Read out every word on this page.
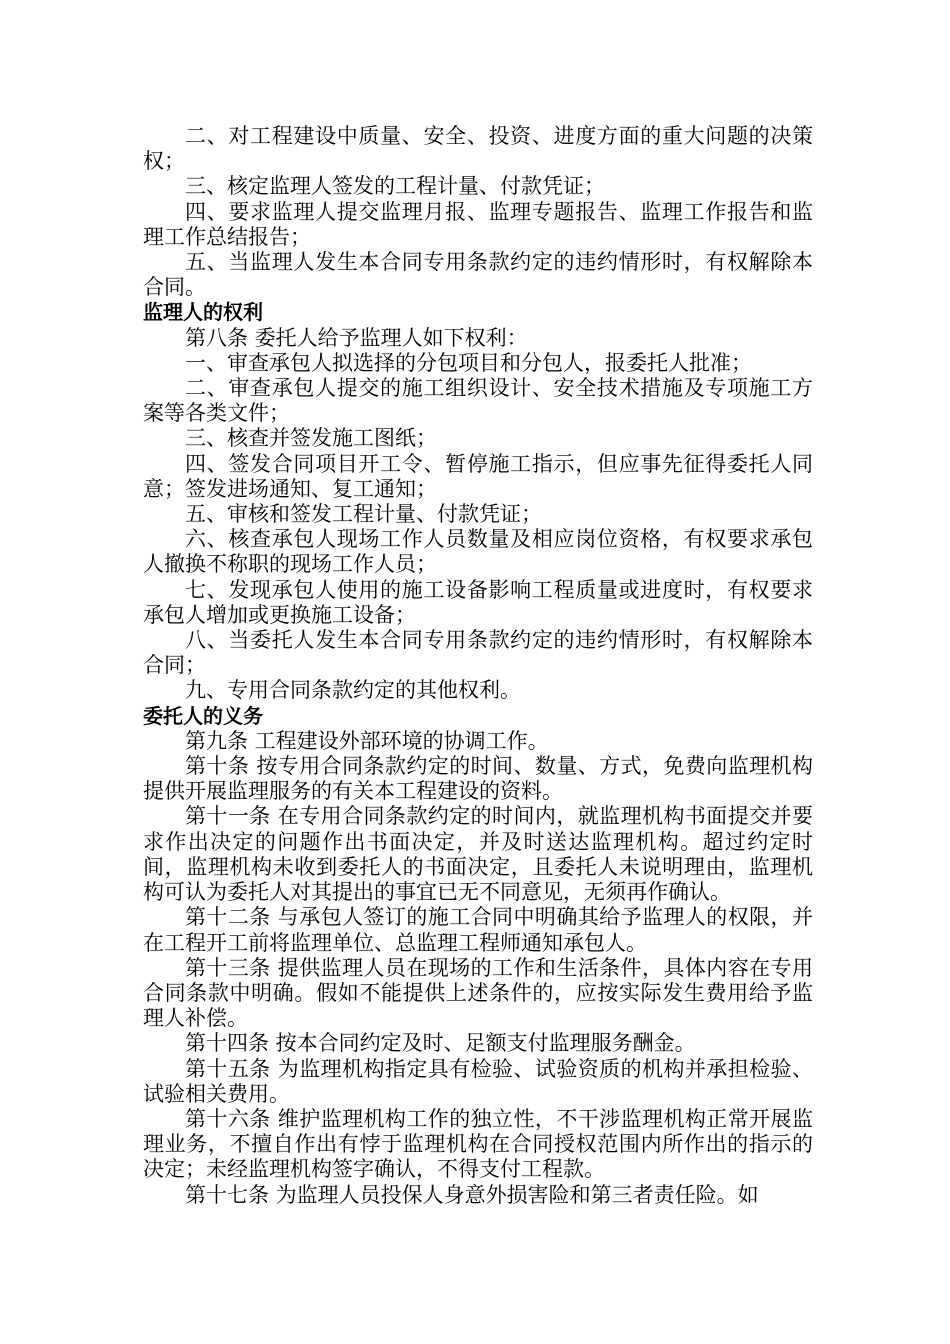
二、对工程建设中质量、安全、投资、进度方面的重大问题的决策权；

三、核定监理人签发的工程计量、付款凭证；

四、要求监理人提交监理月报、监理专题报告、监理工作报告和监理工作总结报告；

五、当监理人发生本合同专用条款约定的违约情形时，有权解除本合同。

监理人的权利

第八条 委托人给予监理人如下权利：

一、审查承包人拟选择的分包项目和分包人，报委托人批准；

二、审查承包人提交的施工组织设计、安全技术措施及专项施工方案等各类文件；

三、核查并签发施工图纸；

四、签发合同项目开工令、暂停施工指示，但应事先征得委托人同意；签发进场通知、复工通知；

五、审核和签发工程计量、付款凭证；

六、核查承包人现场工作人员数量及相应岗位资格，有权要求承包人撤换不称职的现场工作人员；

七、发现承包人使用的施工设备影响工程质量或进度时，有权要求承包人增加或更换施工设备；

八、当委托人发生本合同专用条款约定的违约情形时，有权解除本合同；

九、专用合同条款约定的其他权利。

委托人的义务

第九条 工程建设外部环境的协调工作。

第十条 按专用合同条款约定的时间、数量、方式，免费向监理机构提供开展监理服务的有关本工程建设的资料。

第十一条 在专用合同条款约定的时间内，就监理机构书面提交并要求作出决定的问题作出书面决定，并及时送达监理机构。超过约定时间，监理机构未收到委托人的书面决定，且委托人未说明理由，监理机构可认为委托人对其提出的事宜已无不同意见，无须再作确认。

第十二条 与承包人签订的施工合同中明确其给予监理人的权限，并在工程开工前将监理单位、总监理工程师通知承包人。

第十三条 提供监理人员在现场的工作和生活条件，具体内容在专用合同条款中明确。假如不能提供上述条件的，应按实际发生费用给予监理人补偿。

第十四条 按本合同约定及时、足额支付监理服务酬金。

第十五条 为监理机构指定具有检验、试验资质的机构并承担检验、试验相关费用。

第十六条 维护监理机构工作的独立性，不干涉监理机构正常开展监理业务，不擅自作出有悖于监理机构在合同授权范围内所作出的指示的决定；未经监理机构签字确认，不得支付工程款。

第十七条 为监理人员投保人身意外损害险和第三者责任险。如
